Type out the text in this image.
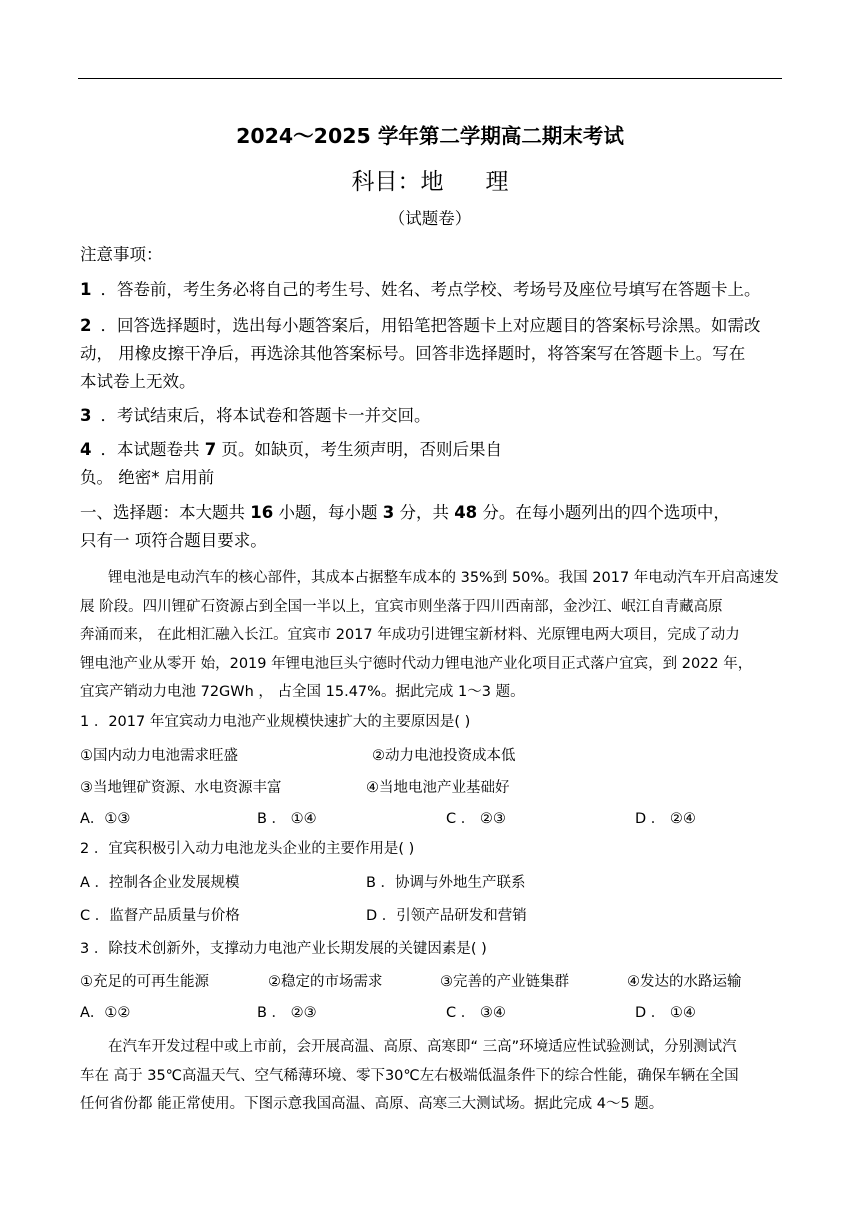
2024～2025 学年第二学期高二期末考试
科目：地 理
（试题卷）
注意事项：
1 ．答卷前，考生务必将自己的考生号、姓名、考点学校、考场号及座位号填写在答题卡上。
2 ．回答选择题时，选出每小题答案后，用铅笔把答题卡上对应题目的答案标号涂黑。如需改
动， 用橡皮擦干净后，再选涂其他答案标号。回答非选择题时，将答案写在答题卡上。写在
本试卷上无效。
3 ．考试结束后，将本试卷和答题卡一并交回。
4 ．本试题卷共 7 页。如缺页，考生须声明，否则后果自
负。 绝密* 启用前
一、选择题：本大题共 16 小题，每小题 3 分，共 48 分。在每小题列出的四个选项中，
只有一 项符合题目要求。
锂电池是电动汽车的核心部件，其成本占据整车成本的 35%到 50%。我国 2017 年电动汽车开启高速发
展 阶段。四川锂矿石资源占到全国一半以上，宜宾市则坐落于四川西南部，金沙江、岷江自青藏高原
奔涌而来， 在此相汇融入长江。宜宾市 2017 年成功引进锂宝新材料、光原锂电两大项目，完成了动力
锂电池产业从零开 始，2019 年锂电池巨头宁德时代动力锂电池产业化项目正式落户宜宾，到 2022 年，
宜宾产销动力电池 72GWh ， 占全国 15.47%。据此完成 1～3 题。
1 ．2017 年宜宾动力电池产业规模快速扩大的主要原因是( )
①国内动力电池需求旺盛	②动力电池投资成本低
③当地锂矿资源、水电资源丰富	④当地电池产业基础好
A．①③	B ． ①④	C ． ②③	D ． ②④
2 ．宜宾积极引入动力电池龙头企业的主要作用是( )
A ．控制各企业发展规模	B ．协调与外地生产联系
C ．监督产品质量与价格	D ．引领产品研发和营销
3 ．除技术创新外，支撑动力电池产业长期发展的关键因素是( )
①充足的可再生能源	②稳定的市场需求	③完善的产业链集群	④发达的水路运输
A．①②	B ． ②③	C ． ③④	D ． ①④
在汽车开发过程中或上市前，会开展高温、高原、高寒即“ 三高”环境适应性试验测试，分别测试汽
车在 高于 35℃高温天气、空气稀薄环境、零下30℃左右极端低温条件下的综合性能，确保车辆在全国
任何省份都 能正常使用。下图示意我国高温、高原、高寒三大测试场。据此完成 4～5 题。
